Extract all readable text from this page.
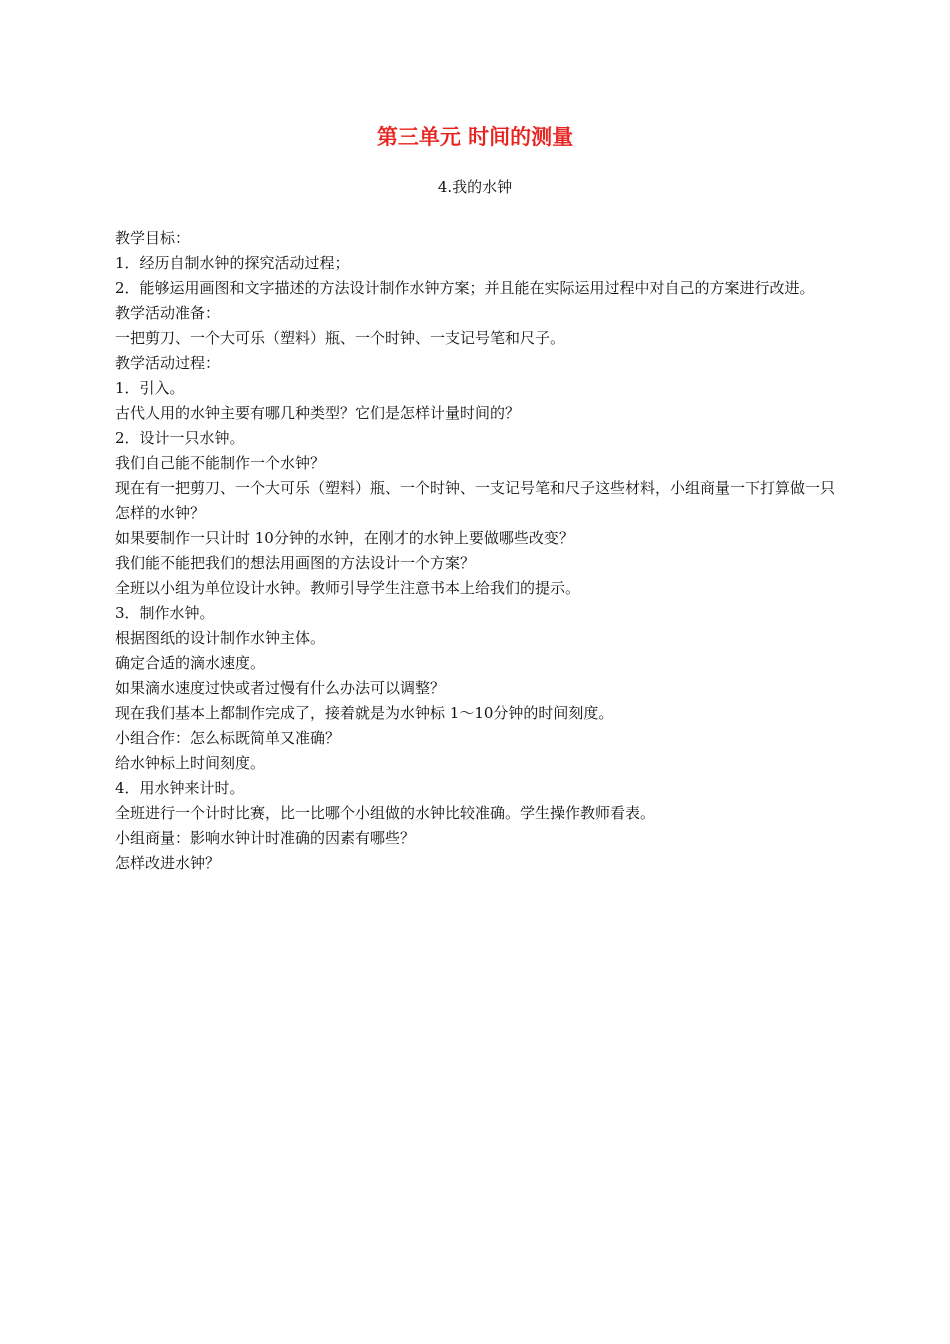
第三单元 时间的测量
4.我的水钟

教学目标：

1．经历自制水钟的探究活动过程；

2．能够运用画图和文字描述的方法设计制作水钟方案；并且能在实际运用过程中对自己的方案进行改进。

教学活动准备：

一把剪刀、一个大可乐（塑料）瓶、一个时钟、一支记号笔和尺子。

教学活动过程：

1．引入。

古代人用的水钟主要有哪几种类型？它们是怎样计量时间的？

2．设计一只水钟。

我们自己能不能制作一个水钟？

现在有一把剪刀、一个大可乐（塑料）瓶、一个时钟、一支记号笔和尺子这些材料，小组商量一下打算做一只怎样的水钟？

如果要制作一只计时 10分钟的水钟，在刚才的水钟上要做哪些改变？

我们能不能把我们的想法用画图的方法设计一个方案？

全班以小组为单位设计水钟。教师引导学生注意书本上给我们的提示。

3．制作水钟。

根据图纸的设计制作水钟主体。

确定合适的滴水速度。

如果滴水速度过快或者过慢有什么办法可以调整？

现在我们基本上都制作完成了，接着就是为水钟标 1～10分钟的时间刻度。

小组合作：怎么标既简单又准确？

给水钟标上时间刻度。

4．用水钟来计时。

全班进行一个计时比赛，比一比哪个小组做的水钟比较准确。学生操作教师看表。

小组商量：影响水钟计时准确的因素有哪些？

怎样改进水钟？
